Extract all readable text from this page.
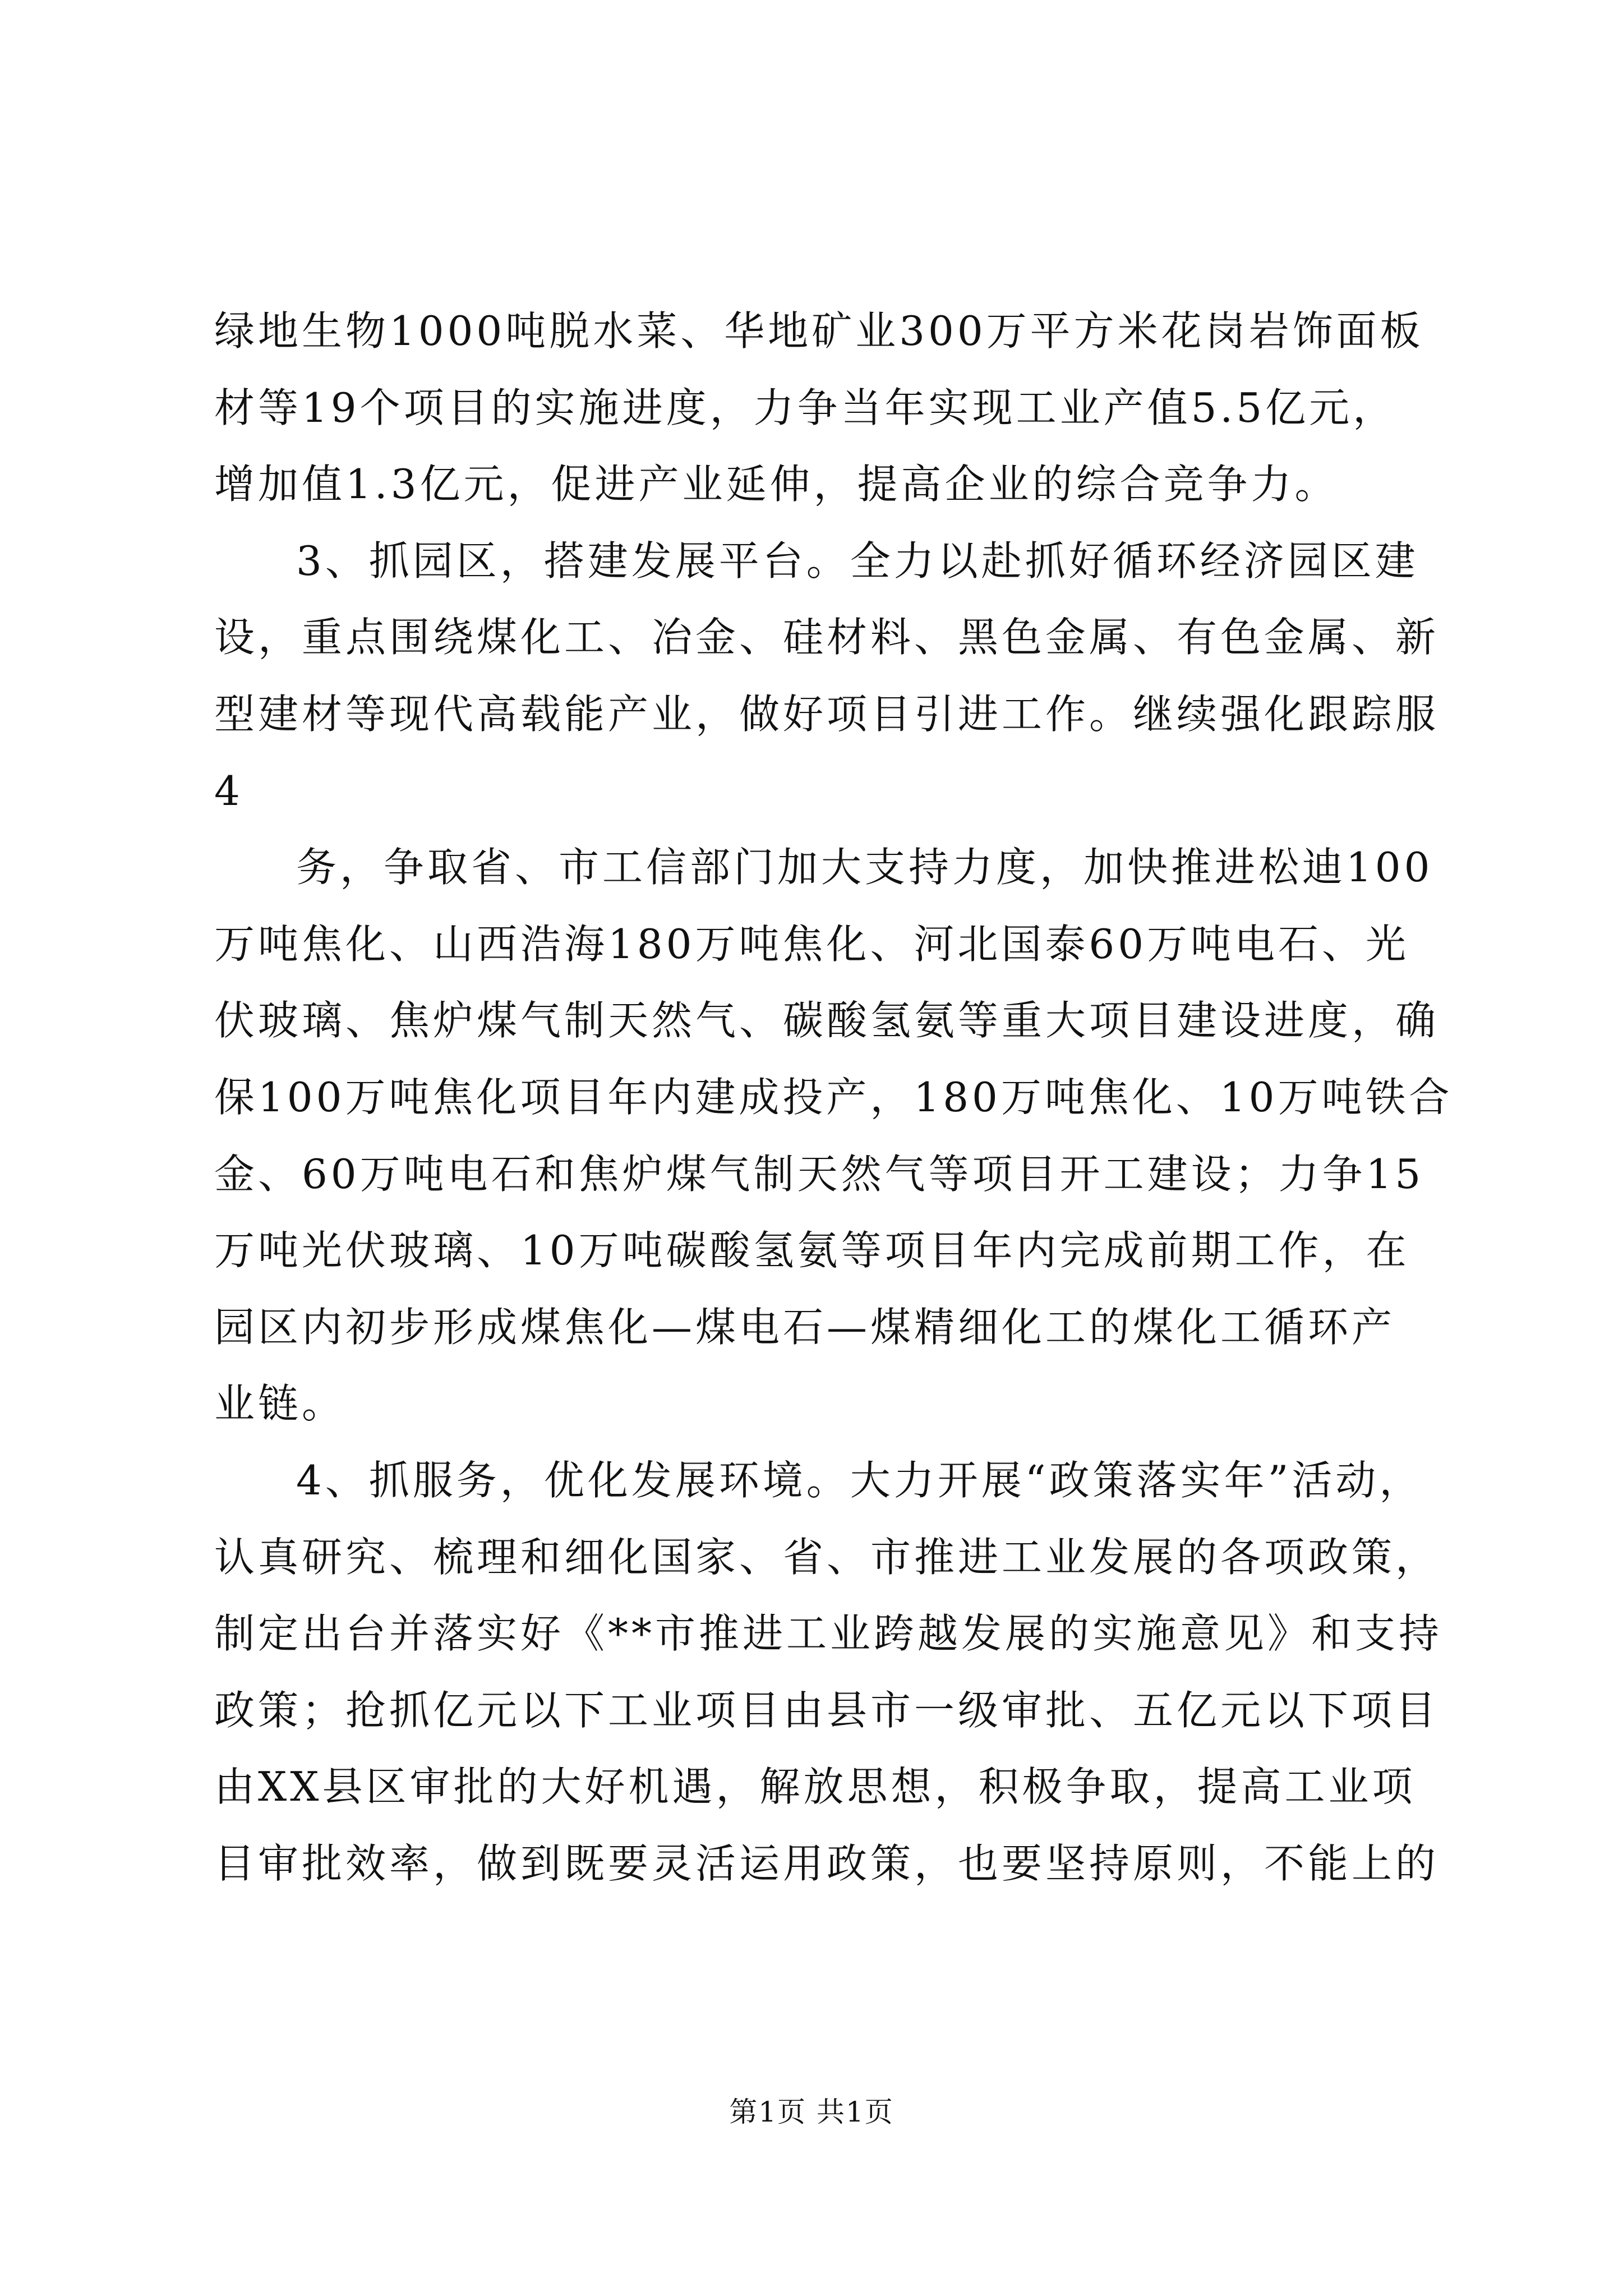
绿地生物1000吨脱水菜、华地矿业300万平方米花岗岩饰面板
材等19个项目的实施进度，力争当年实现工业产值5.5亿元，
增加值1.3亿元，促进产业延伸，提高企业的综合竞争力。
3、抓园区，搭建发展平台。全力以赴抓好循环经济园区建
设，重点围绕煤化工、冶金、硅材料、黑色金属、有色金属、新
型建材等现代高载能产业，做好项目引进工作。继续强化跟踪服
4
务，争取省、市工信部门加大支持力度，加快推进松迪100
万吨焦化、山西浩海180万吨焦化、河北国泰60万吨电石、光
伏玻璃、焦炉煤气制天然气、碳酸氢氨等重大项目建设进度，确
保100万吨焦化项目年内建成投产，180万吨焦化、10万吨铁合
金、60万吨电石和焦炉煤气制天然气等项目开工建设；力争15
万吨光伏玻璃、10万吨碳酸氢氨等项目年内完成前期工作，在
园区内初步形成煤焦化—煤电石—煤精细化工的煤化工循环产
业链。
4、抓服务，优化发展环境。大力开展“政策落实年”活动，
认真研究、梳理和细化国家、省、市推进工业发展的各项政策，
制定出台并落实好《**市推进工业跨越发展的实施意见》和支持
政策；抢抓亿元以下工业项目由县市一级审批、五亿元以下项目
由XX县区审批的大好机遇，解放思想，积极争取，提高工业项
目审批效率，做到既要灵活运用政策，也要坚持原则，不能上的
第1页 共1页
